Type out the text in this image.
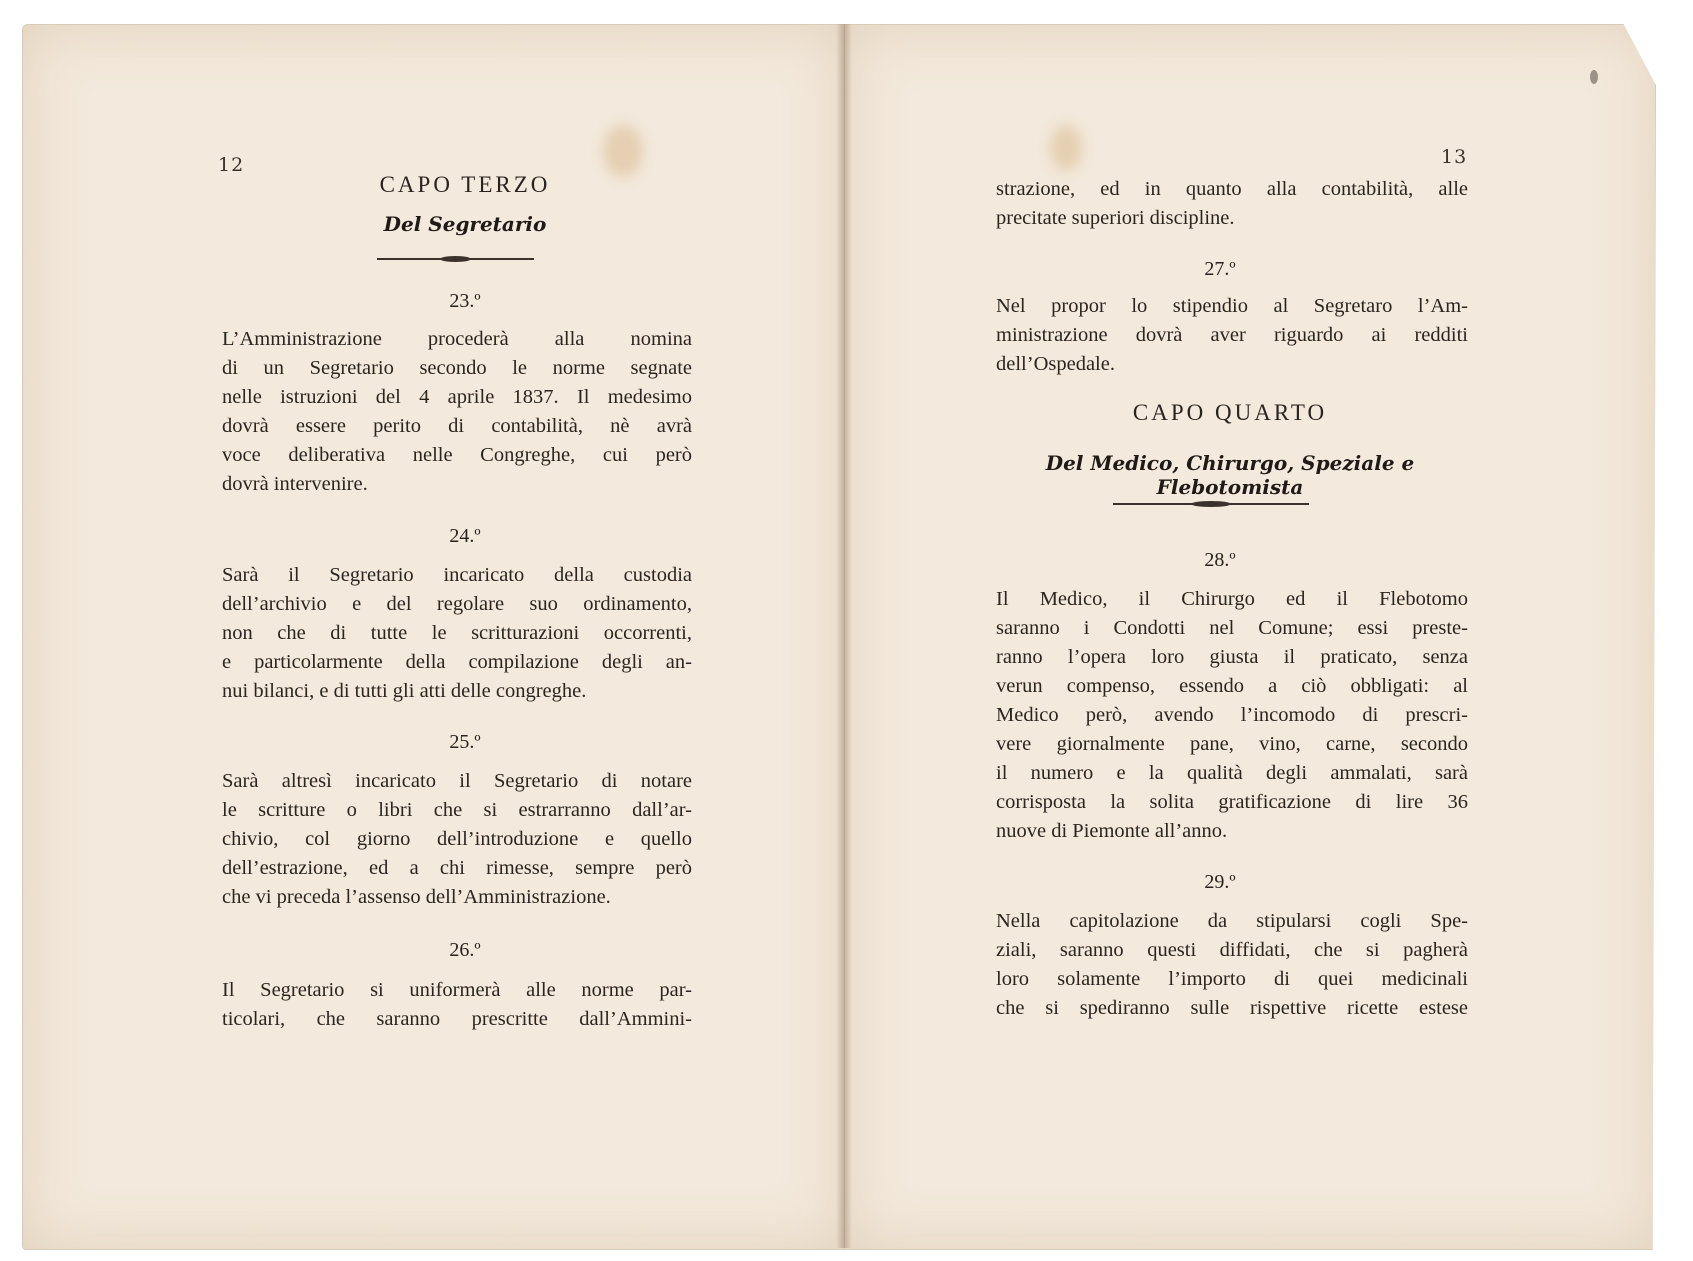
12
CAPO TERZO
Del Segretario
23.º
L’Amministrazione procederà alla nomina
di un Segretario secondo le norme segnate
nelle istruzioni del 4 aprile 1837. Il medesimo
dovrà essere perito di contabilità, nè avrà
voce deliberativa nelle Congreghe, cui però
dovrà intervenire.
24.º
Sarà il Segretario incaricato della custodia
dell’archivio e del regolare suo ordinamento,
non che di tutte le scritturazioni occorrenti,
e particolarmente della compilazione degli an-
nui bilanci, e di tutti gli atti delle congreghe.
25.º
Sarà altresì incaricato il Segretario di notare
le scritture o libri che si estrarranno dall’ar-
chivio, col giorno dell’introduzione e quello
dell’estrazione, ed a chi rimesse, sempre però
che vi preceda l’assenso dell’Amministrazione.
26.º
Il Segretario si uniformerà alle norme par-
ticolari, che saranno prescritte dall’Ammini-
13
strazione, ed in quanto alla contabilità, alle
precitate superiori discipline.
27.º
Nel propor lo stipendio al Segretaro l’Am-
ministrazione dovrà aver riguardo ai redditi
dell’Ospedale.
CAPO QUARTO
Del Medico, Chirurgo, Speziale e Flebotomista
28.º
Il Medico, il Chirurgo ed il Flebotomo
saranno i Condotti nel Comune; essi preste-
ranno l’opera loro giusta il praticato, senza
verun compenso, essendo a ciò obbligati: al
Medico però, avendo l’incomodo di prescri-
vere giornalmente pane, vino, carne, secondo
il numero e la qualità degli ammalati, sarà
corrisposta la solita gratificazione di lire 36
nuove di Piemonte all’anno.
29.º
Nella capitolazione da stipularsi cogli Spe-
ziali, saranno questi diffidati, che si pagherà
loro solamente l’importo di quei medicinali
che si spediranno sulle rispettive ricette estese
